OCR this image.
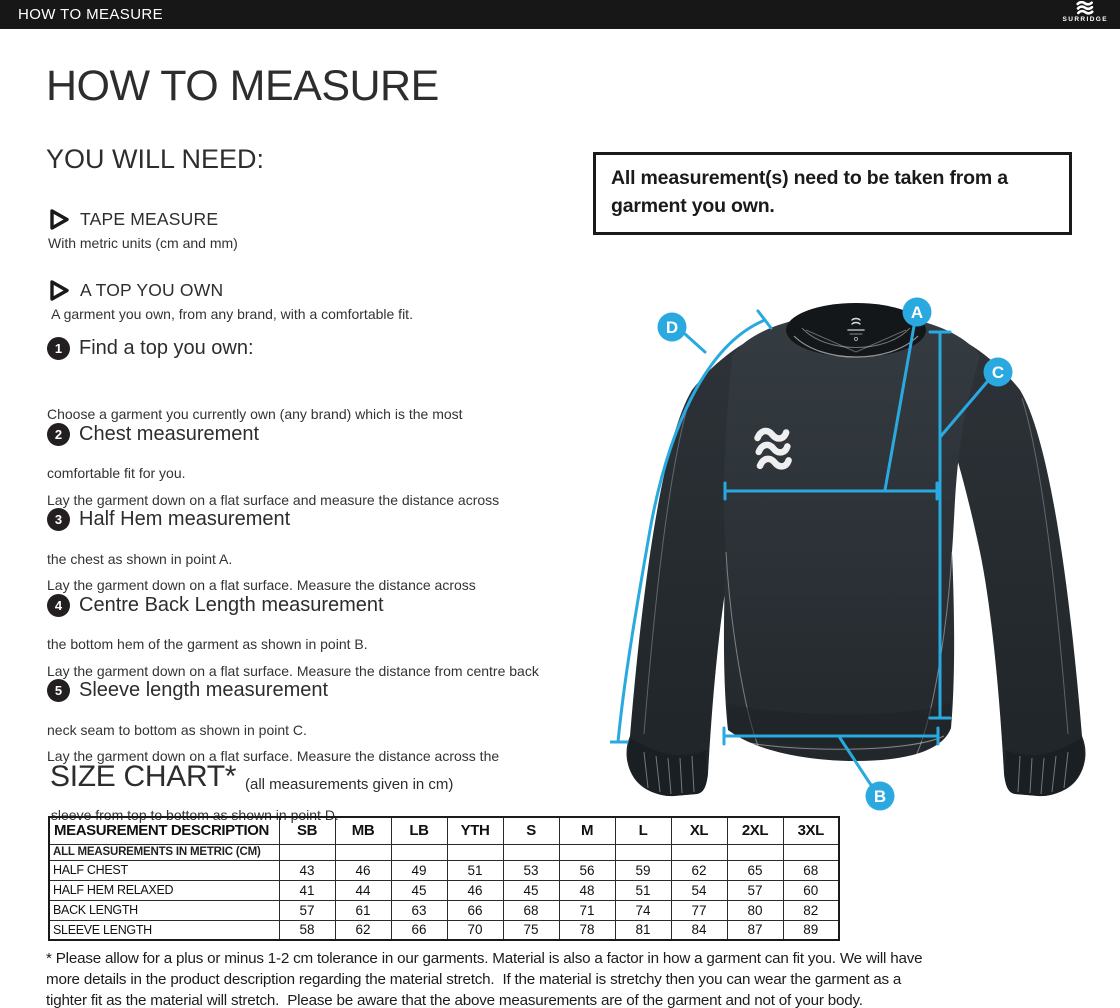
HOW TO MEASURE	SURRIDGE
HOW TO MEASURE
YOU WILL NEED:
TAPE MEASURE
With metric units (cm and mm)
A TOP YOU OWN
A garment you own, from any brand, with a comfortable fit.
1 Find a top you own:

Choose a garment you currently own (any brand) which is the most

comfortable fit for you.

2 Chest measurement

Lay the garment down on a flat surface and measure the distance across

the chest as shown in point A.

3 Half Hem measurement

Lay the garment down on a flat surface. Measure the distance across

the bottom hem of the garment as shown in point B.

4 Centre Back Length measurement

Lay the garment down on a flat surface. Measure the distance from centre back

neck seam to bottom as shown in point C.

5 Sleeve length measurement

Lay the garment down on a flat surface. Measure the distance across the

sleeve from top to bottom as shown in point D.

All measurement(s) need to be taken from a garment you own.
A
B
C
D
SIZE CHART* (all measurements given in cm)
MEASUREMENT DESCRIPTION	SB	MB	LB	YTH	S	M	L	XL	2XL	3XL
ALL MEASUREMENTS IN METRIC (CM)										
HALF CHEST	43	46	49	51	53	56	59	62	65	68
HALF HEM RELAXED	41	44	45	46	45	48	51	54	57	60
BACK LENGTH	57	61	63	66	68	71	74	77	80	82
SLEEVE LENGTH	58	62	66	70	75	78	81	84	87	89
* Please allow for a plus or minus 1-2 cm tolerance in our garments. Material is also a factor in how a garment can fit you. We will have
more details in the product description regarding the material stretch.  If the material is stretchy then you can wear the garment as a
tighter fit as the material will stretch.  Please be aware that the above measurements are of the garment and not of your body.
